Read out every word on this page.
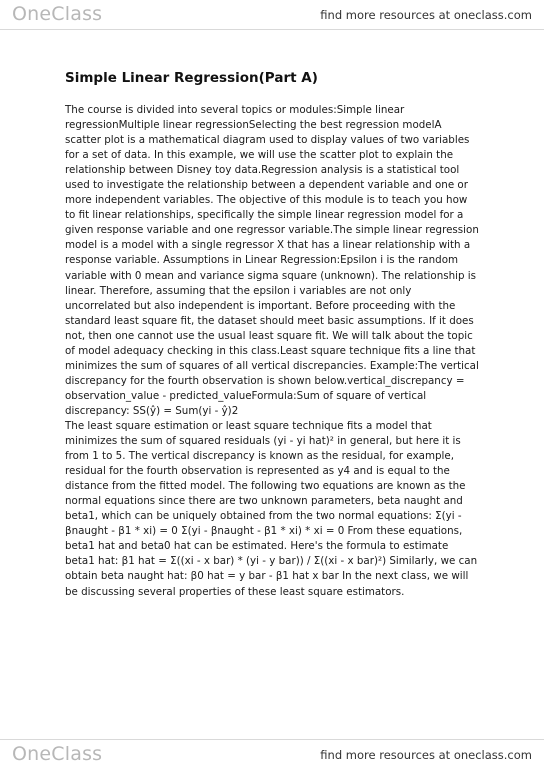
OneClass	find more resources at oneclass.com
Simple Linear Regression(Part A)

The course is divided into several topics or modules:Simple linear regressionMultiple linear regressionSelecting the best regression modelA scatter plot is a mathematical diagram used to display values of two variables for a set of data. In this example, we will use the scatter plot to explain the relationship between Disney toy data.Regression analysis is a statistical tool used to investigate the relationship between a dependent variable and one or more independent variables. The objective of this module is to teach you how to fit linear relationships, specifically the simple linear regression model for a given response variable and one regressor variable.The simple linear regression model is a model with a single regressor X that has a linear relationship with a response variable. Assumptions in Linear Regression:Epsilon i is the random variable with 0 mean and variance sigma square (unknown). The relationship is linear. Therefore, assuming that the epsilon i variables are not only uncorrelated but also independent is important. Before proceeding with the standard least square fit, the dataset should meet basic assumptions. If it does not, then one cannot use the usual least square fit. We will talk about the topic of model adequacy checking in this class.Least square technique fits a line that minimizes the sum of squares of all vertical discrepancies. Example:The vertical discrepancy for the fourth observation is shown below.vertical_discrepancy = observation_value - predicted_valueFormula:Sum of square of vertical discrepancy: SS(ŷ) = Sum(yi - ŷ)2

The least square estimation or least square technique fits a model that minimizes the sum of squared residuals (yi - yi hat)² in general, but here it is from 1 to 5. The vertical discrepancy is known as the residual, for example, residual for the fourth observation is represented as y4 and is equal to the distance from the fitted model. The following two equations are known as the normal equations since there are two unknown parameters, beta naught and beta1, which can be uniquely obtained from the two normal equations: Σ(yi - βnaught - β1 * xi) = 0 Σ(yi - βnaught - β1 * xi) * xi = 0 From these equations, beta1 hat and beta0 hat can be estimated. Here's the formula to estimate beta1 hat: β1 hat = Σ((xi - x bar) * (yi - y bar)) / Σ((xi - x bar)²) Similarly, we can obtain beta naught hat: β0 hat = y bar - β1 hat x bar In the next class, we will be discussing several properties of these least square estimators.

OneClass	find more resources at oneclass.com
